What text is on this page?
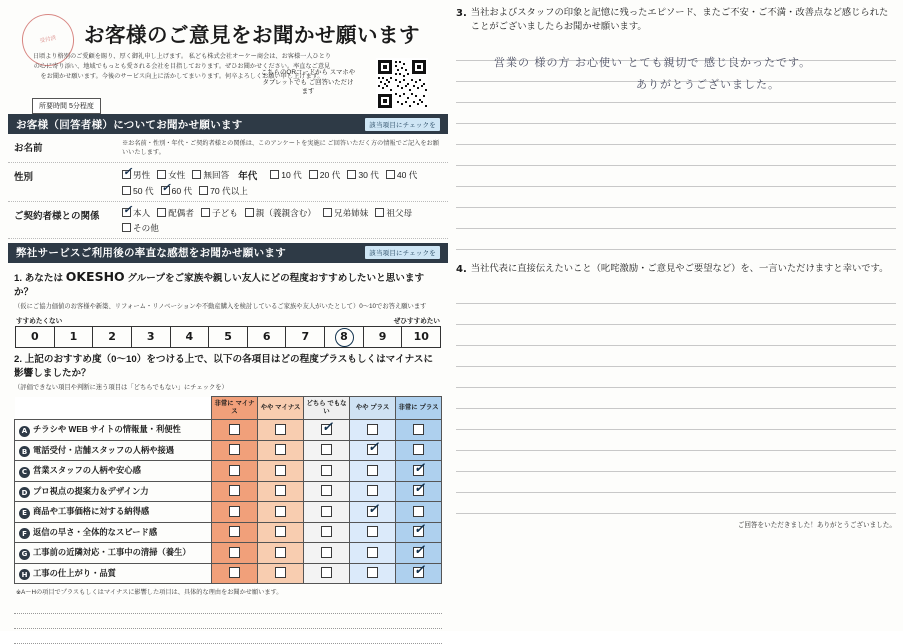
受付済	お客様のご意見をお聞かせ願います
日頃より格別のご愛顧を賜り、厚く御礼申し上げます。 私ども株式会社オーケー商会は、お客様一人ひとりの心に寄り添い、地域でもっとも愛される会社を目指しております。ぜひお聞かせください。率直なご意見をお聞かせ願います。今後のサービス向上に活かしてまいります。何卒よろしくお願い申し上げます。
所要時間 5分程度
こちらのQRコードから スマホやタブレットでも ご回答いただけます
お客様（回答者様）についてお聞かせ願います	該当項目にチェックを
お名前	※お名前・性別・年代・ご契約者様との関係は、このアンケートを実施に ご回答いただく方の情報でご記入をお願いいたします。
性別 ✓	男性 女性 無回答 年代	10 代 20 代 30 代 40 代
50 代 ✓ 60 代 70 代以上
ご契約者様との関係 ✓	本人 配偶者 子ども 親（義親含む） 兄弟姉妹 祖父母
その他
弊社サービスご利用後の率直な感想をお聞かせ願います	該当項目にチェックを
1. あなたは OKESHO グループをご家族や親しい友人にどの程度おすすめしたいと思いますか？
（仮にご協力価値のお客様や新築、リフォーム・リノベーションや不動産購入を検討しているご家族や友人がいたとして）0～10でお答え願います
すすめたくない	ぜひすすめたい
0	1	2	3	4	5	6	7	8	9	10
2. 上記のおすすめ度（0～10）をつける上で、以下の各項目はどの程度プラスもしくはマイナスに影響しましたか？
（評価できない項目や判断に迷う項目は「どちらでもない」にチェックを）
	非常に マイナス	やや マイナス	どちら でもない	やや プラス	非常に プラス
A チラシや WEB サイトの情報量・利便性			✓		
B 電話受付・店舗スタッフの人柄や接遇				✓	
C 営業スタッフの人柄や安心感					✓
D プロ視点の提案力＆デザイン力					✓
E 商品や工事価格に対する納得感				✓	
F 返信の早さ・全体的なスピード感					✓
G 工事前の近隣対応・工事中の清掃（養生）					✓
H 工事の仕上がり・品質					✓
※A～Hの項目でプラスもしくはマイナスに影響した項目は、具体的な理由をお聞かせ願います。
3. 当社およびスタッフの印象と記憶に残ったエピソード、またご不安・ご不満・改善点など感じられたことがございましたらお聞かせ願います。
営業の 様の方 お心使い とても親切で 感じ良かったです。
ありがとうございました。
4. 当社代表に直接伝えたいこと（叱咤激励・ご意見やご要望など）を、一言いただけますと幸いです。
ご回答をいただきました！ありがとうございました。
